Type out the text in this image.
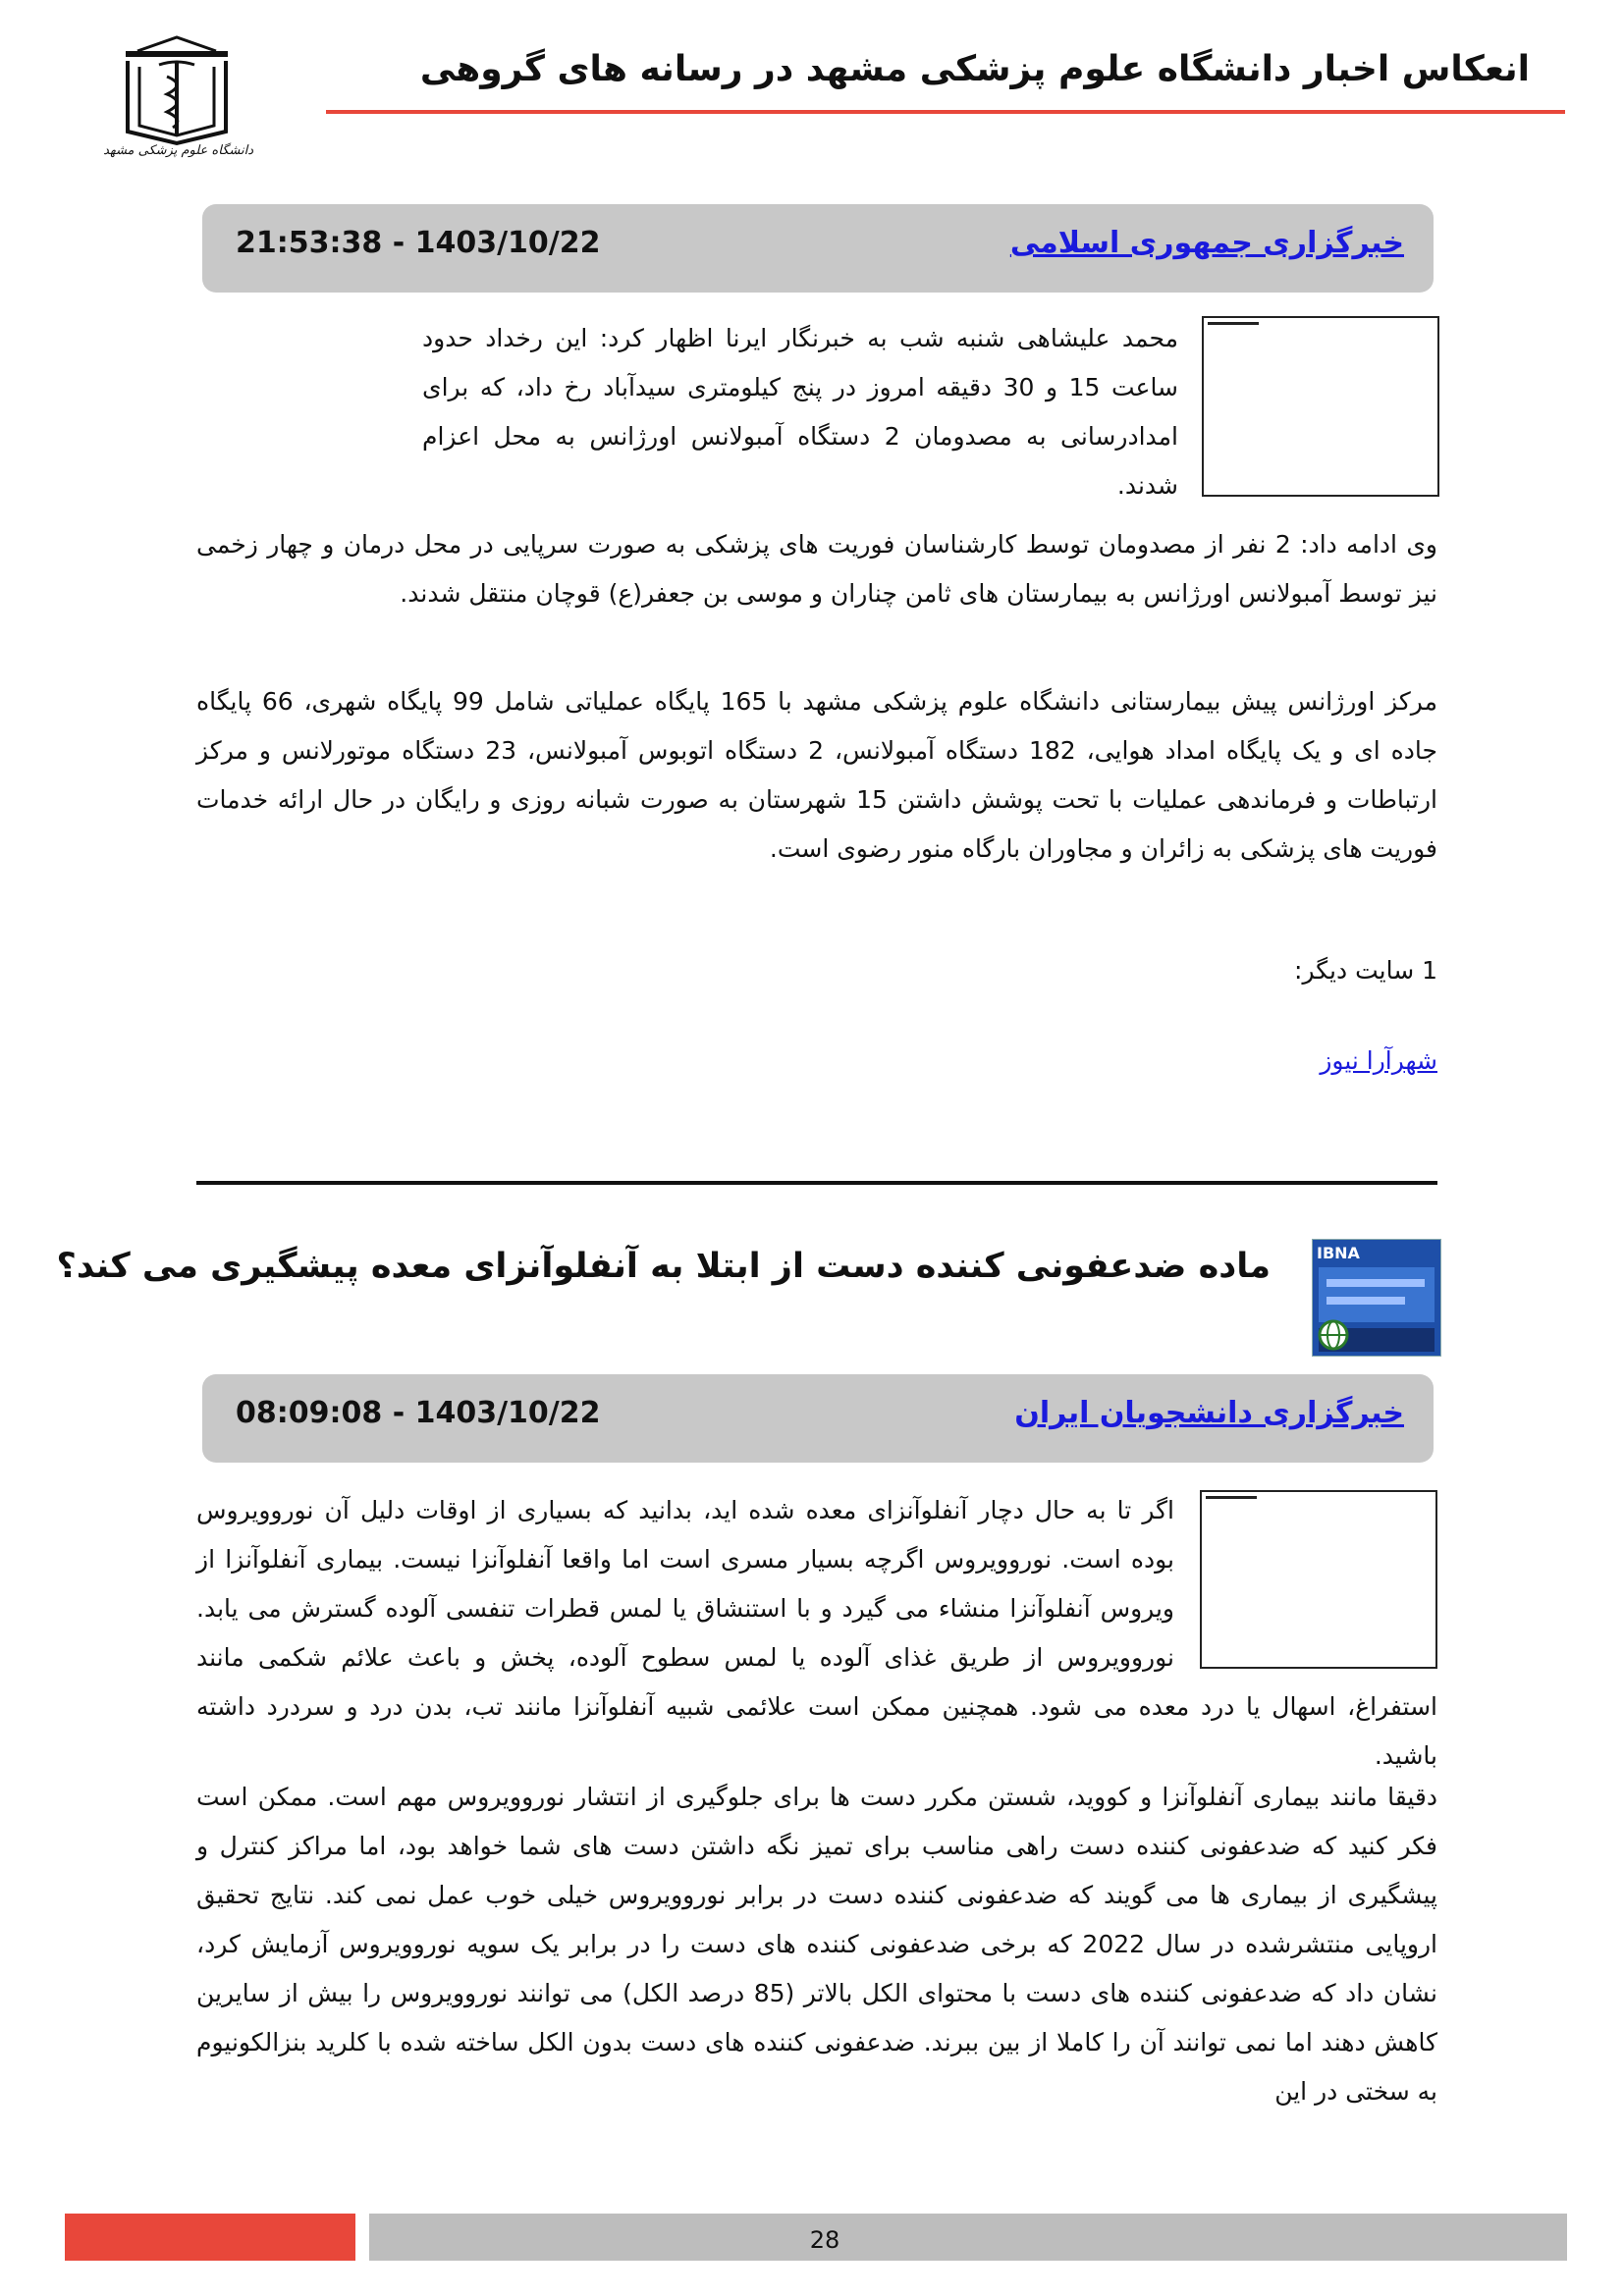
انعکاس اخبار دانشگاه علوم پزشکی مشهد در رسانه های گروهی
دانشگاه علوم پزشکی مشهد
خبرگزاری جمهوری اسلامی
1403/10/22 - 21:53:38
محمد علیشاهی شنبه شب به خبرنگار ایرنا اظهار کرد: این رخداد حدود ساعت 15 و 30 دقیقه امروز در پنج کیلومتری سیدآباد رخ داد، که برای امدادرسانی به مصدومان 2 دستگاه آمبولانس اورژانس به محل اعزام شدند.
وی ادامه داد: 2 نفر از مصدومان توسط کارشناسان فوریت های پزشکی به صورت سرپایی در محل درمان و چهار زخمی نیز توسط آمبولانس اورژانس به بیمارستان های ثامن چناران و موسی بن جعفر(ع) قوچان منتقل شدند.
مرکز اورژانس پیش بیمارستانی دانشگاه علوم پزشکی مشهد با 165 پایگاه عملیاتی شامل 99 پایگاه شهری، 66 پایگاه جاده ای و یک پایگاه امداد هوایی، 182 دستگاه آمبولانس، 2 دستگاه اتوبوس آمبولانس، 23 دستگاه موتورلانس و مرکز ارتباطات و فرماندهی عملیات با تحت پوشش داشتن 15 شهرستان به صورت شبانه روزی و رایگان در حال ارائه خدمات فوریت های پزشکی به زائران و مجاوران بارگاه منور رضوی است.
1 سایت دیگر:
شهرآرا نیوز
IBNA
ماده ضدعفونی کننده دست از ابتلا به آنفلوآنزای معده پیشگیری می کند؟
خبرگزاری دانشجویان ایران
1403/10/22 - 08:09:08
اگر تا به حال دچار آنفلوآنزای معده شده اید، بدانید که بسیاری از اوقات دلیل آن نوروویروس بوده است. نوروویروس اگرچه بسیار مسری است اما واقعا آنفلوآنزا نیست. بیماری آنفلوآنزا از ویروس آنفلوآنزا منشاء می گیرد و با استنشاق یا لمس قطرات تنفسی آلوده گسترش می یابد. نوروویروس از طریق غذای آلوده یا لمس سطوح آلوده، پخش و باعث علائم شکمی مانند استفراغ، اسهال یا درد معده می شود. همچنین ممکن است علائمی شبیه آنفلوآنزا مانند تب، بدن درد و سردرد داشته باشید.
دقیقا مانند بیماری آنفلوآنزا و کووید، شستن مکرر دست ها برای جلوگیری از انتشار نوروویروس مهم است. ممکن است فکر کنید که ضدعفونی کننده دست راهی مناسب برای تمیز نگه داشتن دست های شما خواهد بود، اما مراکز کنترل و پیشگیری از بیماری ها می گویند که ضدعفونی کننده دست در برابر نوروویروس خیلی خوب عمل نمی کند. نتایج تحقیق اروپایی منتشرشده در سال 2022 که برخی ضدعفونی کننده های دست را در برابر یک سویه نوروویروس آزمایش کرد، نشان داد که ضدعفونی کننده های دست با محتوای الکل بالاتر (85 درصد الکل) می توانند نوروویروس را بیش از سایرین کاهش دهند اما نمی توانند آن را کاملا از بین ببرند. ضدعفونی کننده های دست بدون الکل ساخته شده با کلرید بنزالکونیوم به سختی در این
28
